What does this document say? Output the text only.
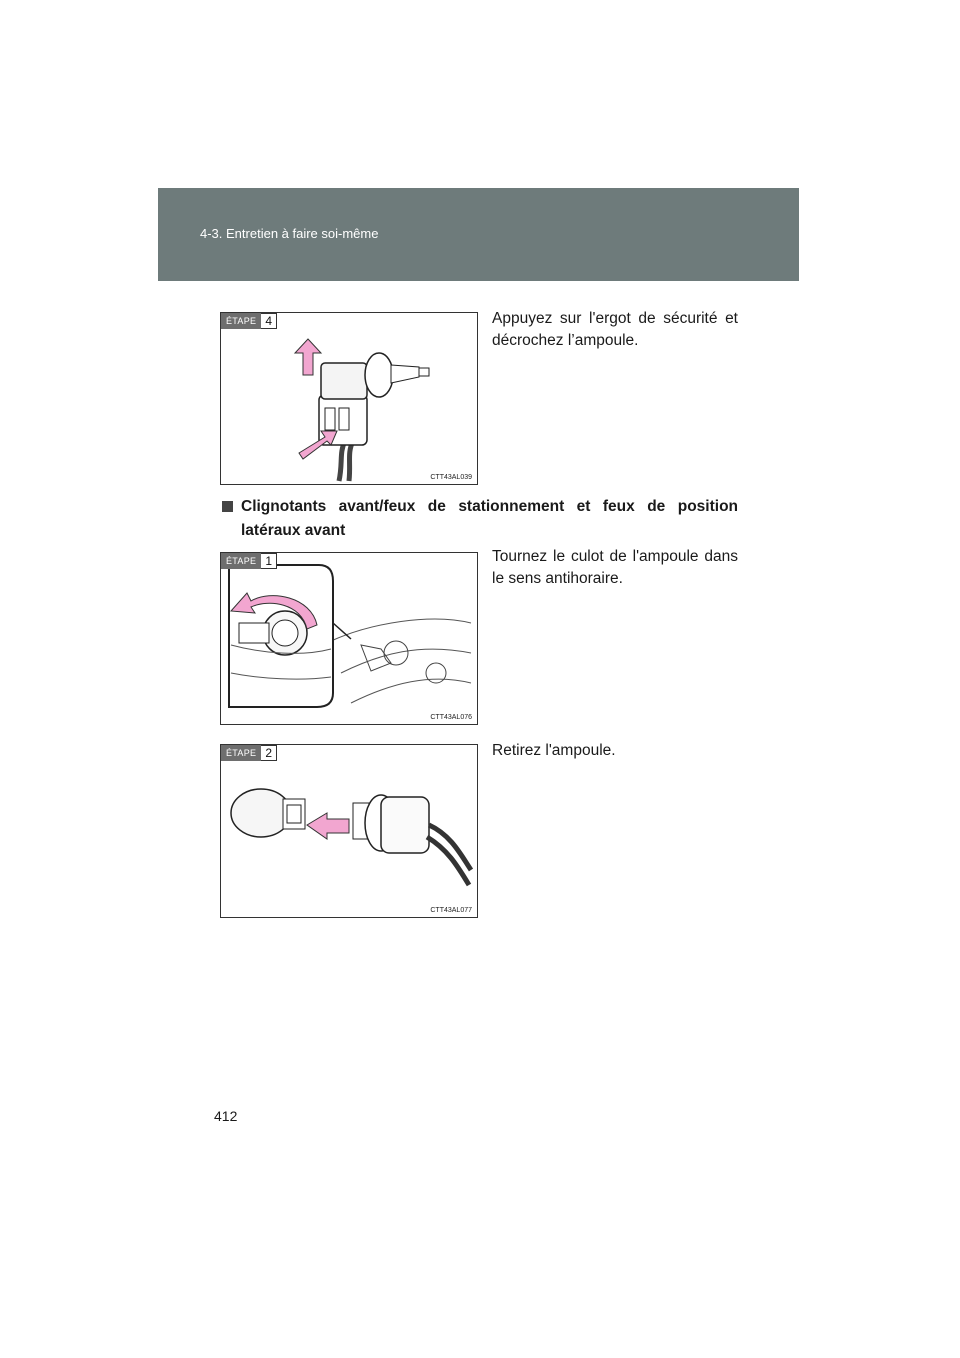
4-3. Entretien à faire soi-même
ÉTAPE 4
CTT43AL039
Appuyez sur l'ergot de sécurité et décrochez l’ampoule.
Clignotants avant/feux de stationnement et feux de position latéraux avant
ÉTAPE 1
CTT43AL076
Tournez le culot de l'ampoule dans le sens antihoraire.
ÉTAPE 2
CTT43AL077
Retirez l'ampoule.
412
